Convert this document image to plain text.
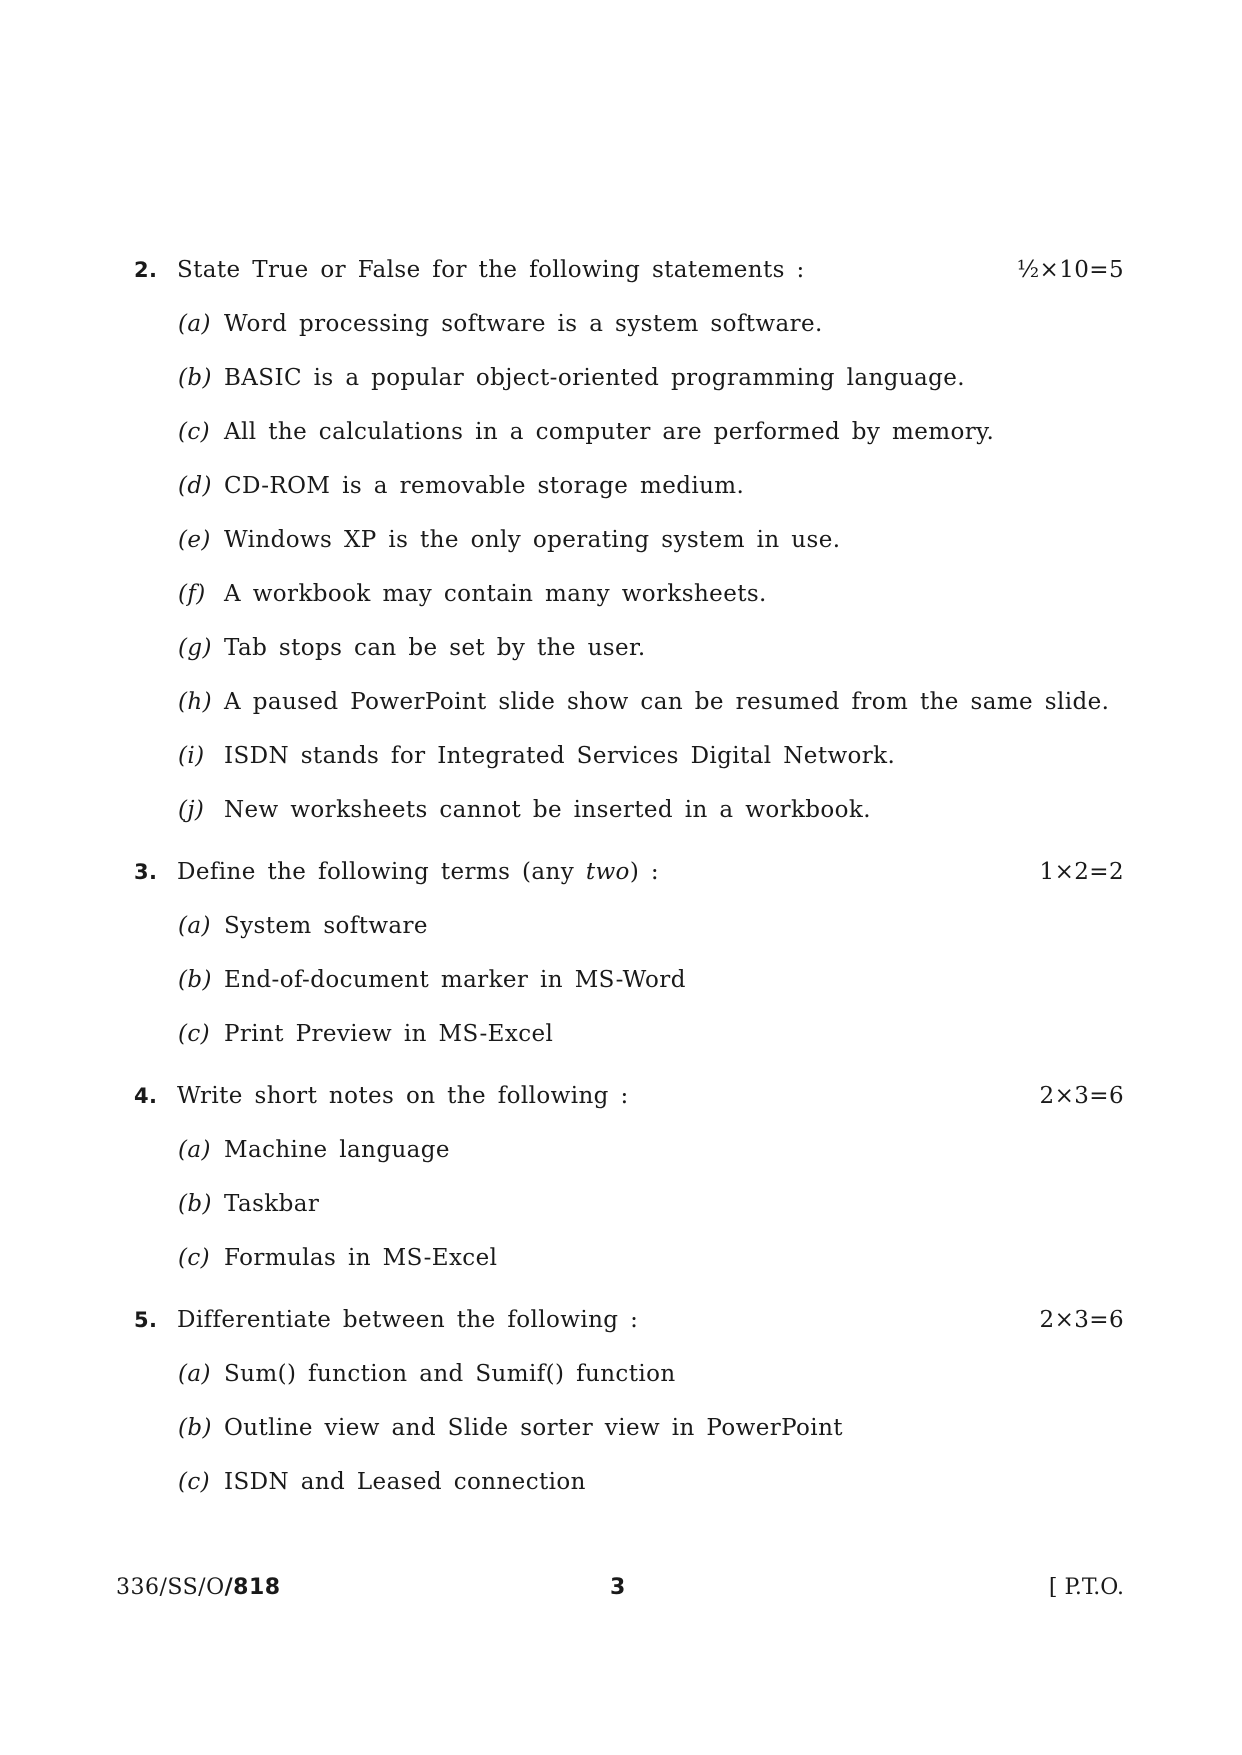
2. State True or False for the following statements :	½×10=5
(a) Word processing software is a system software.
(b) BASIC is a popular object-oriented programming language.
(c) All the calculations in a computer are performed by memory.
(d) CD-ROM is a removable storage medium.
(e) Windows XP is the only operating system in use.
(f) A workbook may contain many worksheets.
(g) Tab stops can be set by the user.
(h) A paused PowerPoint slide show can be resumed from the same slide.
(i) ISDN stands for Integrated Services Digital Network.
(j) New worksheets cannot be inserted in a workbook.
3. Define the following terms (any two) :	1×2=2
(a) System software
(b) End-of-document marker in MS-Word
(c) Print Preview in MS-Excel
4. Write short notes on the following :	2×3=6
(a) Machine language
(b) Taskbar
(c) Formulas in MS-Excel
5. Differentiate between the following :	2×3=6
(a) Sum() function and Sumif() function
(b) Outline view and Slide sorter view in PowerPoint
(c) ISDN and Leased connection
336/SS/O/818	3	[ P.T.O.
